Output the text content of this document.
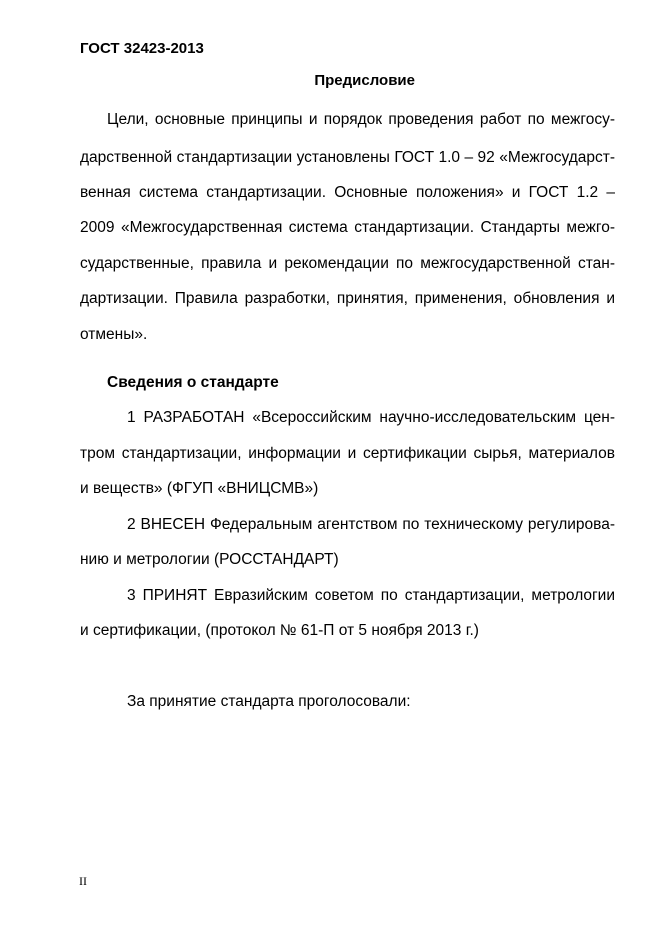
ГОСТ 32423-2013
Предисловие
Цели, основные принципы и порядок проведения работ по межгосу-
дарственной стандартизации установлены ГОСТ 1.0 – 92 «Межгосударст-
венная система стандартизации. Основные положения» и ГОСТ 1.2 –
2009 «Межгосударственная система стандартизации. Стандарты межго-
сударственные, правила и рекомендации по межгосударственной стан-
дартизации. Правила разработки, принятия, применения, обновления и
отмены».
Сведения о стандарте
1 РАЗРАБОТАН «Всероссийским научно-исследовательским цен-
тром стандартизации, информации и сертификации сырья, материалов
и веществ» (ФГУП «ВНИЦСМВ»)
2 ВНЕСЕН Федеральным агентством по техническому регулирова-
нию и метрологии (РОССТАНДАРТ)
3 ПРИНЯТ Евразийским советом по стандартизации, метрологии
и сертификации, (протокол № 61-П от 5 ноября 2013 г.)
За принятие стандарта проголосовали:
II
